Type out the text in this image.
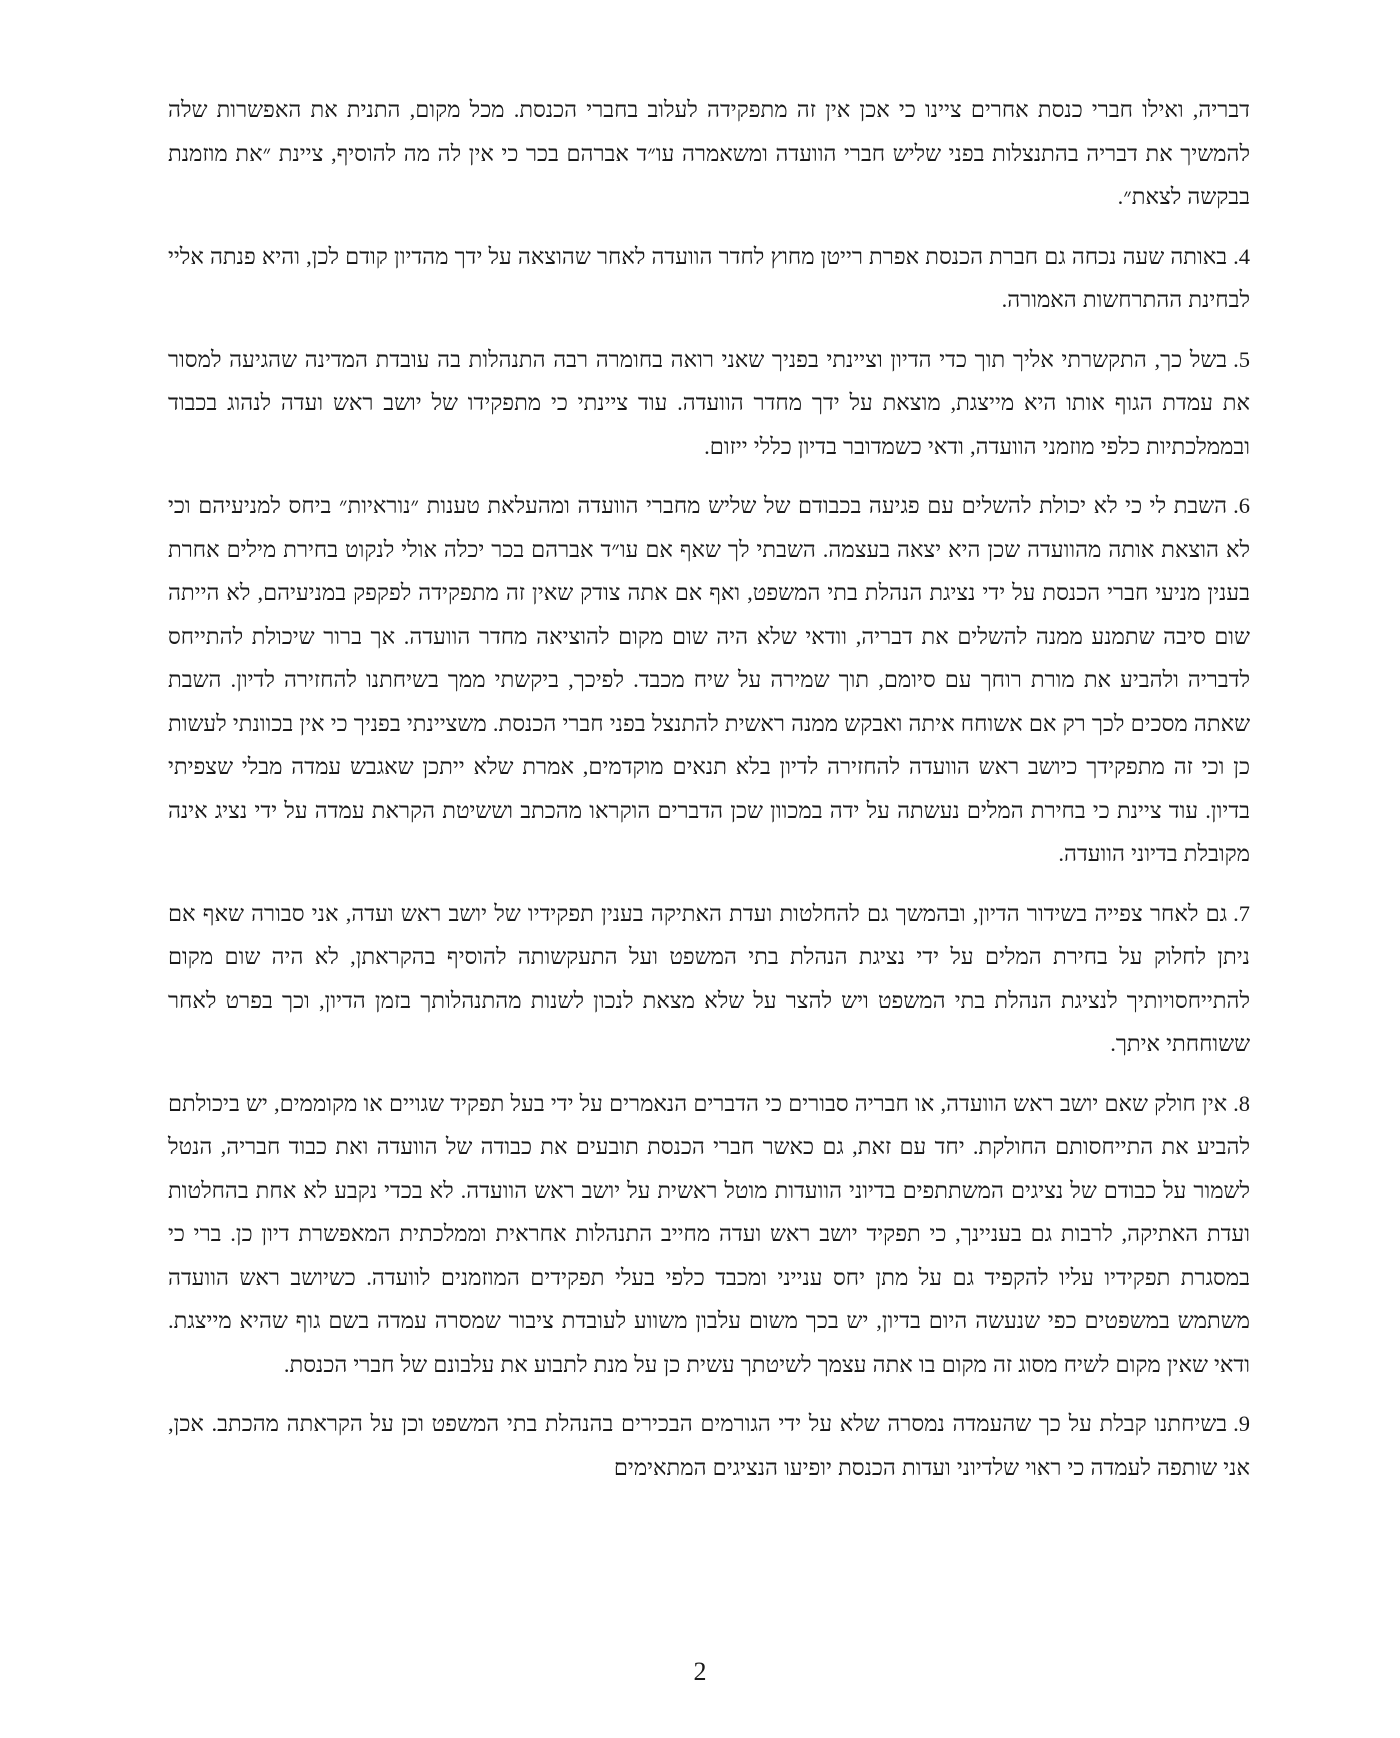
דבריה, ואילו חברי כנסת אחרים ציינו כי אכן אין זה מתפקידה לעלוב בחברי הכנסת. מכל מקום, התנית את האפשרות שלה להמשיך את דבריה בהתנצלות בפני שליש חברי הוועדה ומשאמרה עו״ד אברהם בכר כי אין לה מה להוסיף, ציינת ״את מוזמנת בבקשה לצאת״.

4.באותה שעה נכחה גם חברת הכנסת אפרת רייטן מחוץ לחדר הוועדה לאחר שהוצאה על ידך מהדיון קודם לכן, והיא פנתה אליי לבחינת ההתרחשות האמורה.

5.בשל כך, התקשרתי אליך תוך כדי הדיון וציינתי בפניך שאני רואה בחומרה רבה התנהלות בה עובדת המדינה שהגיעה למסור את עמדת הגוף אותו היא מייצגת, מוצאת על ידך מחדר הוועדה. עוד ציינתי כי מתפקידו של יושב ראש ועדה לנהוג בכבוד ובממלכתיות כלפי מוזמני הוועדה, ודאי כשמדובר בדיון כללי ייזום.

6.השבת לי כי לא יכולת להשלים עם פגיעה בכבודם של שליש מחברי הוועדה ומהעלאת טענות ״נוראיות״ ביחס למניעיהם וכי לא הוצאת אותה מהוועדה שכן היא יצאה בעצמה. השבתי לך שאף אם עו״ד אברהם בכר יכלה אולי לנקוט בחירת מילים אחרת בענין מניעי חברי הכנסת על ידי נציגת הנהלת בתי המשפט, ואף אם אתה צודק שאין זה מתפקידה לפקפק במניעיהם, לא הייתה שום סיבה שתמנע ממנה להשלים את דבריה, וודאי שלא היה שום מקום להוציאה מחדר הוועדה. אך ברור שיכולת להתייחס לדבריה ולהביע את מורת רוחך עם סיומם, תוך שמירה על שיח מכבד. לפיכך, ביקשתי ממך בשיחתנו להחזירה לדיון. השבת שאתה מסכים לכך רק אם אשוחח איתה ואבקש ממנה ראשית להתנצל בפני חברי הכנסת. משציינתי בפניך כי אין בכוונתי לעשות כן וכי זה מתפקידך כיושב ראש הוועדה להחזירה לדיון בלא תנאים מוקדמים, אמרת שלא ייתכן שאגבש עמדה מבלי שצפיתי בדיון. עוד ציינת כי בחירת המלים נעשתה על ידה במכוון שכן הדברים הוקראו מהכתב וששיטת הקראת עמדה על ידי נציג אינה מקובלת בדיוני הוועדה.

7.גם לאחר צפייה בשידור הדיון, ובהמשך גם להחלטות ועדת האתיקה בענין תפקידיו של יושב ראש ועדה, אני סבורה שאף אם ניתן לחלוק על בחירת המלים על ידי נציגת הנהלת בתי המשפט ועל התעקשותה להוסיף בהקראתן, לא היה שום מקום להתייחסויותיך לנציגת הנהלת בתי המשפט ויש להצר על שלא מצאת לנכון לשנות מהתנהלותך בזמן הדיון, וכך בפרט לאחר ששוחחתי איתך.

8.אין חולק שאם יושב ראש הוועדה, או חבריה סבורים כי הדברים הנאמרים על ידי בעל תפקיד שגויים או מקוממים, יש ביכולתם להביע את התייחסותם החולקת. יחד עם זאת, גם כאשר חברי הכנסת תובעים את כבודה של הוועדה ואת כבוד חבריה, הנטל לשמור על כבודם של נציגים המשתתפים בדיוני הוועדות מוטל ראשית על יושב ראש הוועדה. לא בכדי נקבע לא אחת בהחלטות ועדת האתיקה, לרבות גם בעניינך, כי תפקיד יושב ראש ועדה מחייב התנהלות אחראית וממלכתית המאפשרת דיון כן. ברי כי במסגרת תפקידיו עליו להקפיד גם על מתן יחס ענייני ומכבד כלפי בעלי תפקידים המוזמנים לוועדה. כשיושב ראש הוועדה משתמש במשפטים כפי שנעשה היום בדיון, יש בכך משום עלבון משווע לעובדת ציבור שמסרה עמדה בשם גוף שהיא מייצגת. ודאי שאין מקום לשיח מסוג זה מקום בו אתה עצמך לשיטתך עשית כן על מנת לתבוע את עלבונם של חברי הכנסת.

9.בשיחתנו קבלת על כך שהעמדה נמסרה שלא על ידי הגורמים הבכירים בהנהלת בתי המשפט וכן על הקראתה מהכתב. אכן, אני שותפה לעמדה כי ראוי שלדיוני ועדות הכנסת יופיעו הנציגים המתאימים

2
